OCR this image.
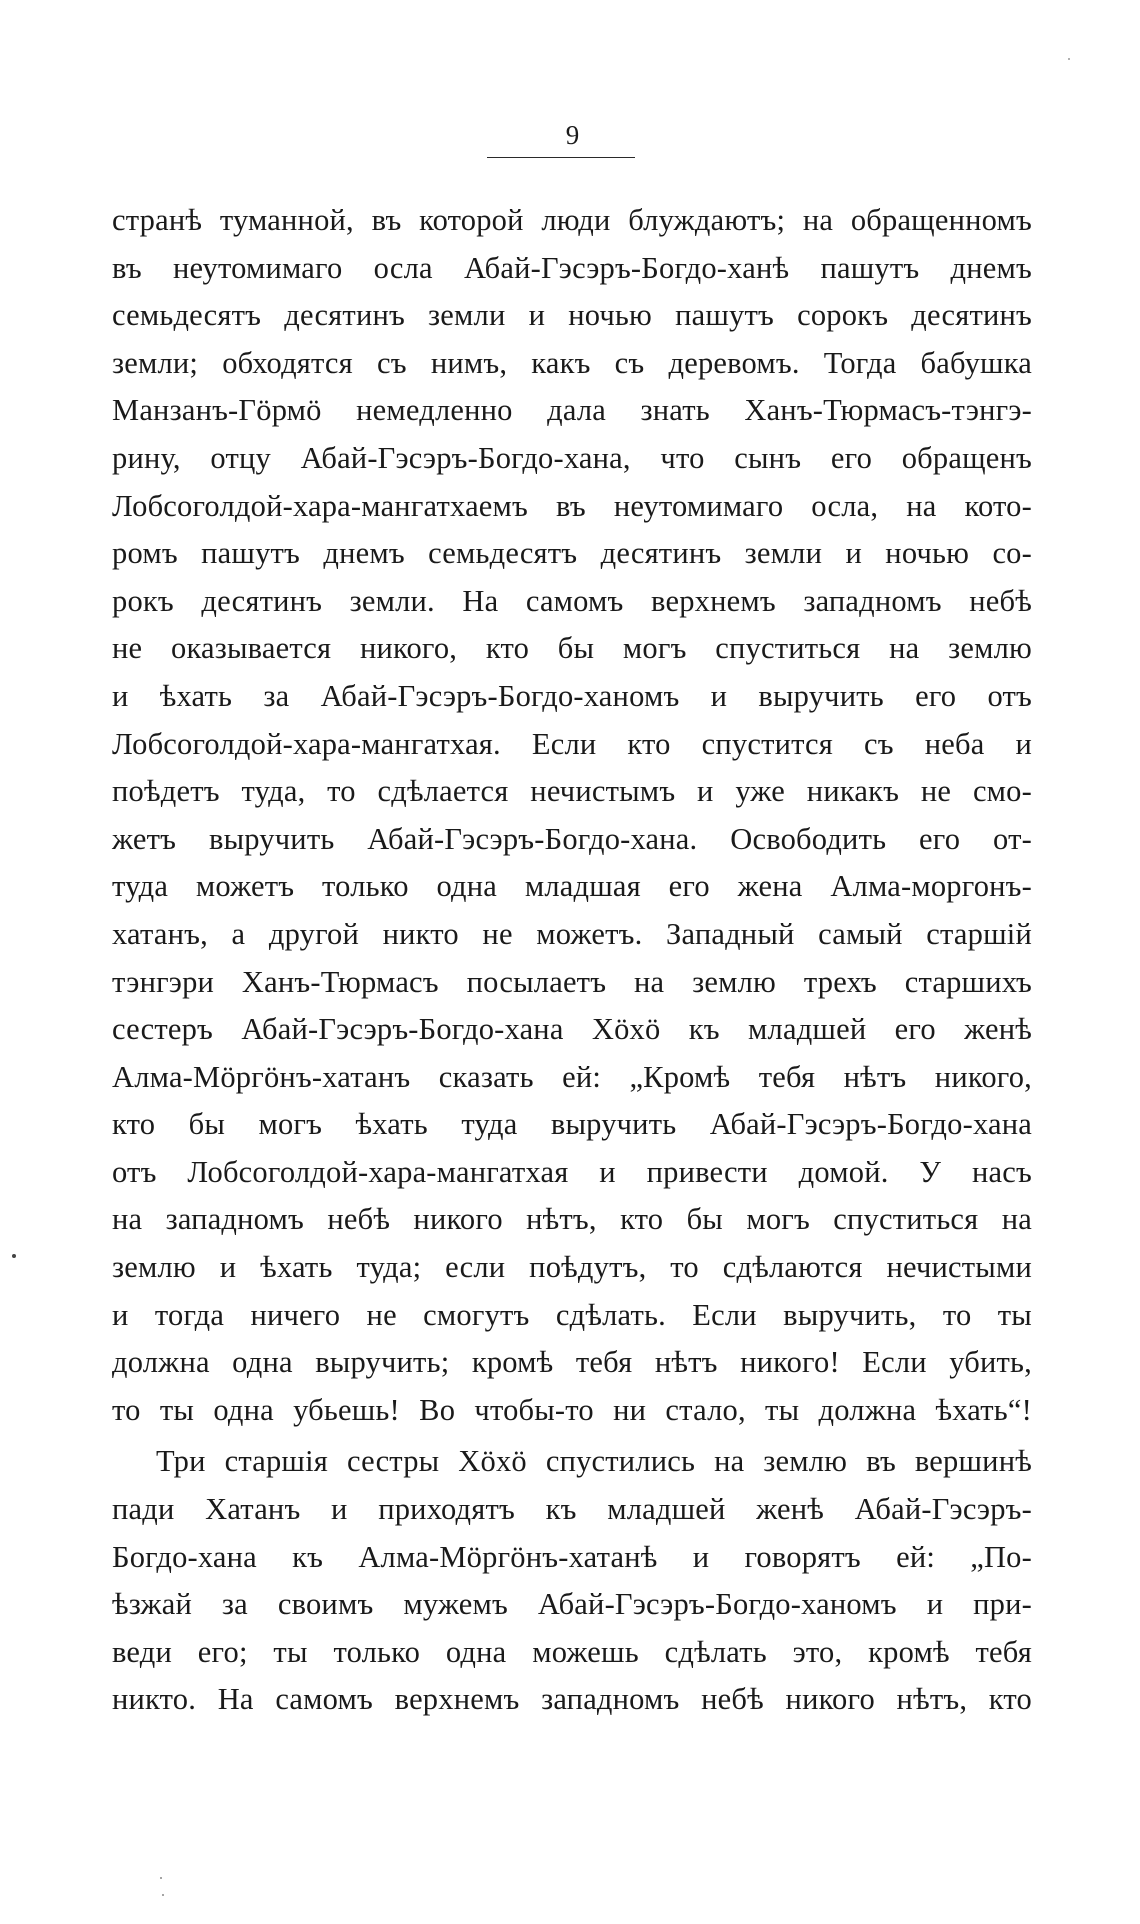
9
странѣ туманной, въ которой люди блуждаютъ; на обращенномъ
въ неутомимаго осла Абай-Гэсэръ-Богдо-ханѣ пашутъ днемъ
семьдесятъ десятинъ земли и ночью пашутъ сорокъ десятинъ
земли; обходятся съ нимъ, какъ съ деревомъ. Тогда бабушка
Манзанъ-Гöрмö немедленно дала знать Ханъ-Тюрмасъ-тэнгэ-
рину, отцу Абай-Гэсэръ-Богдо-хана, что сынъ его обращенъ
Лобсоголдой-хара-мангатхаемъ въ неутомимаго осла, на кото-
ромъ пашутъ днемъ семьдесятъ десятинъ земли и ночью со-
рокъ десятинъ земли. На самомъ верхнемъ западномъ небѣ
не оказывается никого, кто бы могъ спуститься на землю
и ѣхать за Абай-Гэсэръ-Богдо-ханомъ и выручить его отъ
Лобсоголдой-хара-мангатхая. Если кто спустится съ неба и
поѣдетъ туда, то сдѣлается нечистымъ и уже никакъ не смо-
жетъ выручить Абай-Гэсэръ-Богдо-хана. Освободить его от-
туда можетъ только одна младшая его жена Алма-моргонъ-
хатанъ, а другой никто не можетъ. Западный самый старшiй
тэнгэри Ханъ-Тюрмасъ посылаетъ на землю трехъ старшихъ
сестеръ Абай-Гэсэръ-Богдо-хана Хöхö къ младшей его женѣ
Алма-Мöргöнъ-хатанъ сказать ей: „Кромѣ тебя нѣтъ никого,
кто бы могъ ѣхать туда выручить Абай-Гэсэръ-Богдо-хана
отъ Лобсоголдой-хара-мангатхая и привести домой. У насъ
на западномъ небѣ никого нѣтъ, кто бы могъ спуститься на
землю и ѣхать туда; если поѣдутъ, то сдѣлаются нечистыми
и тогда ничего не смогутъ сдѣлать. Если выручить, то ты
должна одна выручить; кромѣ тебя нѣтъ никого! Если убить,
то ты одна убьешь! Во чтобы-то ни стало, ты должна ѣхать“!
Три старшiя сестры Хöхö спустились на землю въ вершинѣ
пади Хатанъ и приходятъ къ младшей женѣ Абай-Гэсэръ-
Богдо-хана къ Алма-Мöргöнъ-хатанѣ и говорятъ ей: „По-
ѣзжай за своимъ мужемъ Абай-Гэсэръ-Богдо-ханомъ и при-
веди его; ты только одна можешь сдѣлать это, кромѣ тебя
никто. На самомъ верхнемъ западномъ небѣ никого нѣтъ, кто
